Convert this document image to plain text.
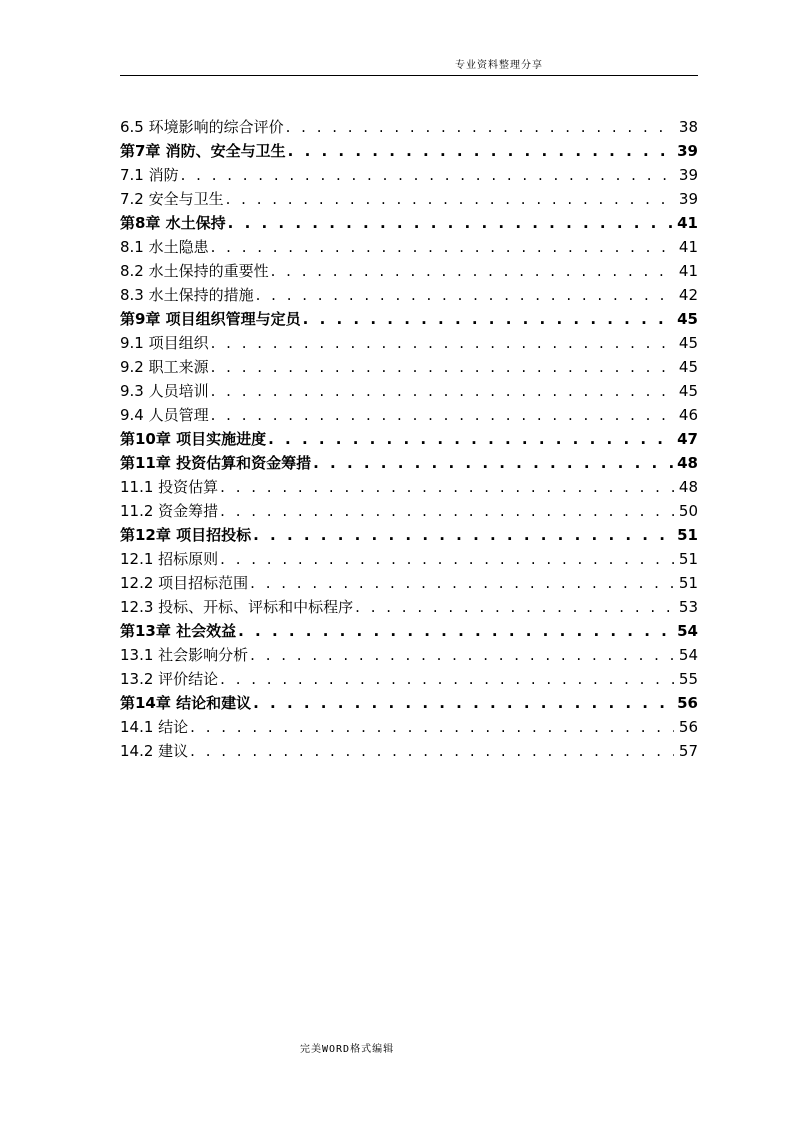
专业资料整理分享
6.5 环境影响的综合评价 . . .	38
第7章 消防、安全与卫生 . . .	39
7.1 消防 . . .	39
7.2 安全与卫生 . . .	39
第8章 水土保持 . . .	41
8.1 水土隐患 . . .	41
8.2 水土保持的重要性 . . .	41
8.3 水土保持的措施 . . .	42
第9章 项目组织管理与定员 . . .	45
9.1 项目组织 . . .	45
9.2 职工来源 . . .	45
9.3 人员培训 . . .	45
9.4 人员管理 . . .	46
第10章 项目实施进度 . . .	47
第11章 投资估算和资金筹措 . . .	48
11.1 投资估算 . . .	48
11.2 资金筹措 . . .	50
第12章 项目招投标 . . .	51
12.1 招标原则 . . .	51
12.2 项目招标范围 . . .	51
12.3 投标、开标、评标和中标程序 . . .	53
第13章 社会效益 . . .	54
13.1 社会影响分析 . . .	54
13.2 评价结论 . . .	55
第14章 结论和建议 . . .	56
14.1 结论 . . .	56
14.2 建议 . . .	57
完美WORD格式编辑
